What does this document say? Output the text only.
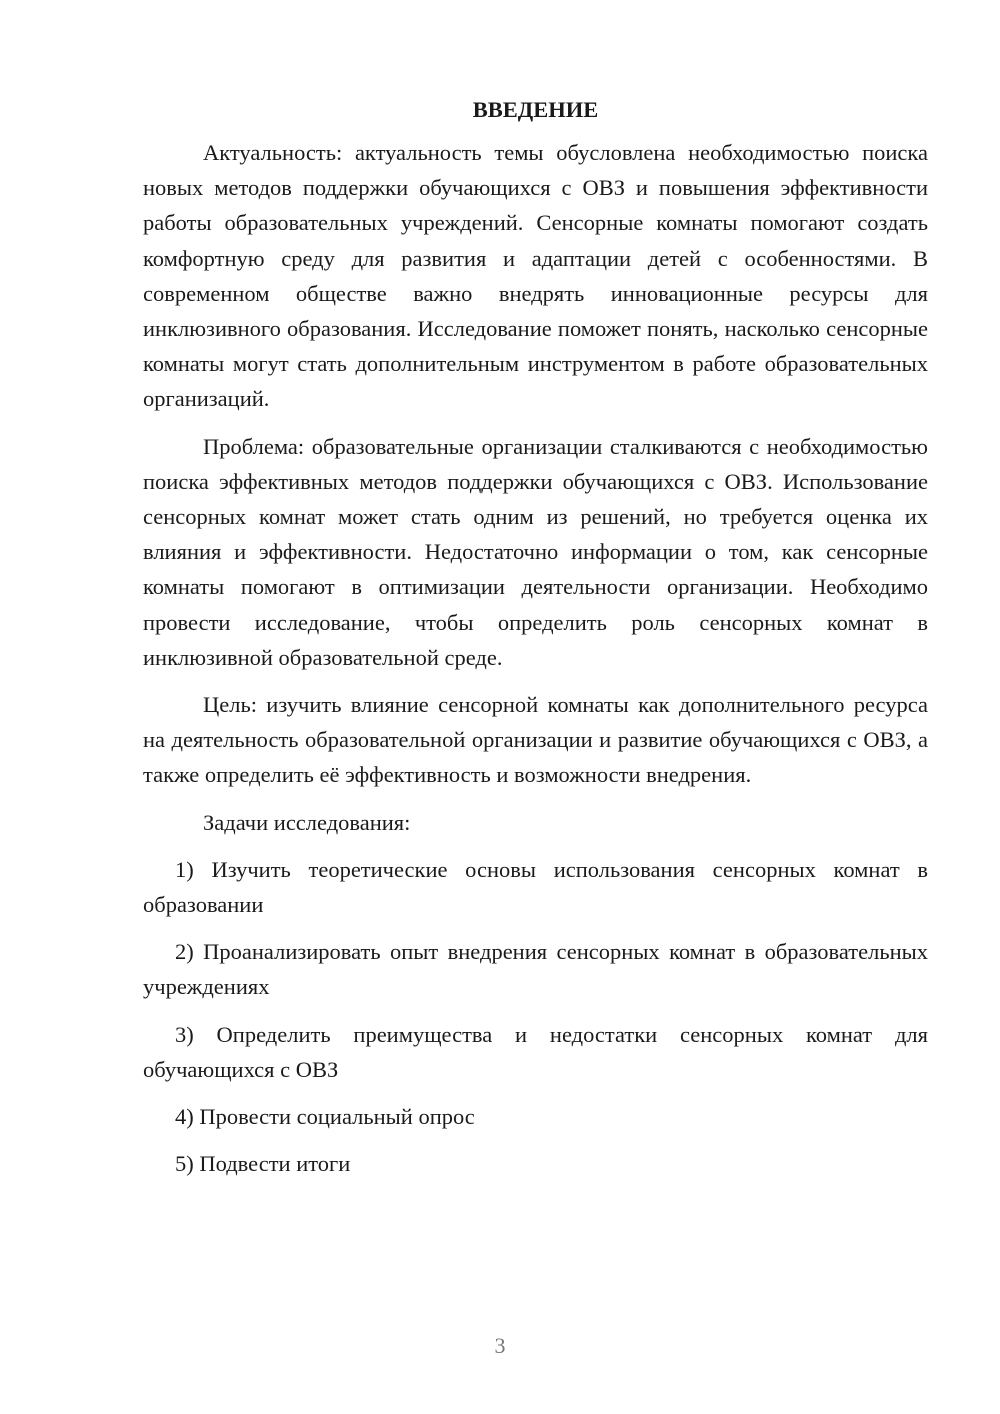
ВВЕДЕНИЕ

Актуальность: актуальность темы обусловлена необходимостью поиска новых методов поддержки обучающихся с ОВЗ и повышения эффективности работы образовательных учреждений. Сенсорные комнаты помогают создать комфортную среду для развития и адаптации детей с особенностями. В современном обществе важно внедрять инновационные ресурсы для инклюзивного образования. Исследование поможет понять, насколько сенсорные комнаты могут стать дополнительным инструментом в работе образовательных организаций.

Проблема: образовательные организации сталкиваются с необходимостью поиска эффективных методов поддержки обучающихся с ОВЗ. Использование сенсорных комнат может стать одним из решений, но требуется оценка их влияния и эффективности. Недостаточно информации о том, как сенсорные комнаты помогают в оптимизации деятельности организации. Необходимо провести исследование, чтобы определить роль сенсорных комнат в инклюзивной образовательной среде.

Цель: изучить влияние сенсорной комнаты как дополнительного ресурса на деятельность образовательной организации и развитие обучающихся с ОВЗ, а также определить её эффективность и возможности внедрения.

Задачи исследования:

1) Изучить теоретические основы использования сенсорных комнат в образовании

2) Проанализировать опыт внедрения сенсорных комнат в образовательных учреждениях

3) Определить преимущества и недостатки сенсорных комнат для обучающихся с ОВЗ

4) Провести социальный опрос

5) Подвести итоги

3
